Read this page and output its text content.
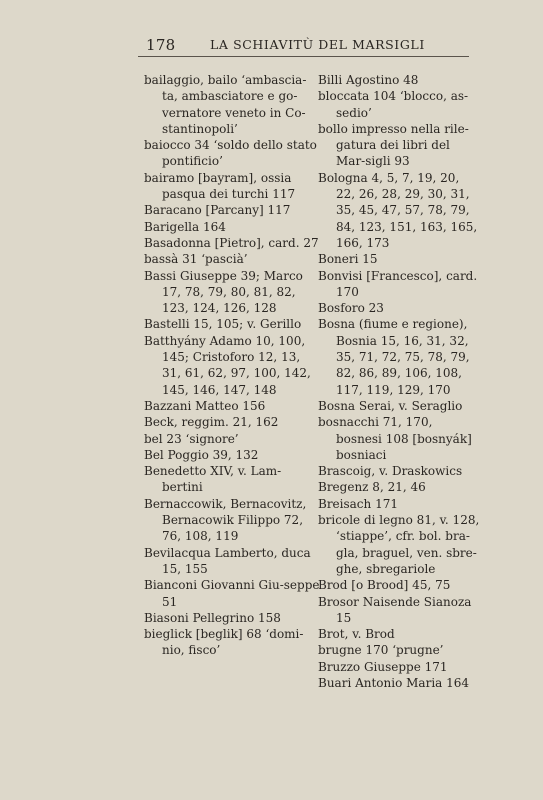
178	LA SCHIAVITÙ DEL MARSIGLI

bailaggio, bailo ‘ambascia-ta, ambasciatore e go-vernatore veneto in Co-stantinopoli’

baiocco 34 ‘soldo dello stato pontificio’

bairamo [bayram], ossia pasqua dei turchi 117

Baracano [Parcany] 117

Barigella 164

Basadonna [Pietro], card. 27

bassà 31 ‘pascià’

Bassi Giuseppe 39; Marco 17, 78, 79, 80, 81, 82, 123, 124, 126, 128

Bastelli 15, 105; v. Gerillo

Batthyány Adamo 10, 100, 145; Cristoforo 12, 13, 31, 61, 62, 97, 100, 142, 145, 146, 147, 148

Bazzani Matteo 156

Beck, reggim. 21, 162

bel 23 ‘signore’

Bel Poggio 39, 132

Benedetto XIV, v. Lam-bertini

Bernaccowik, Bernacovitz, Bernacowik Filippo 72, 76, 108, 119

Bevilacqua Lamberto, duca 15, 155

Bianconi Giovanni Giu-seppe 51

Biasoni Pellegrino 158

bieglick [beglik] 68 ‘domi-nio, fisco’

Billi Agostino 48

bloccata 104 ‘blocco, as-sedio’

bollo impresso nella rile-gatura dei libri del Mar-sigli 93

Bologna 4, 5, 7, 19, 20, 22, 26, 28, 29, 30, 31, 35, 45, 47, 57, 78, 79, 84, 123, 151, 163, 165, 166, 173

Boneri 15

Bonvisi [Francesco], card. 170

Bosforo 23

Bosna (fiume e regione), Bosnia 15, 16, 31, 32, 35, 71, 72, 75, 78, 79, 82, 86, 89, 106, 108, 117, 119, 129, 170

Bosna Serai, v. Seraglio

bosnacchi 71, 170, bosnesi 108 [bosnyák] bosniaci

Brascoig, v. Draskowics

Bregenz 8, 21, 46

Breisach 171

bricole di legno 81, v. 128, ‘stiappe’, cfr. bol. bra-gla, braguel, ven. sbre-ghe, sbregariole

Brod [o Brood] 45, 75

Brosor Naisende Sianoza 15

Brot, v. Brod

brugne 170 ‘prugne’

Bruzzo Giuseppe 171

Buari Antonio Maria 164
